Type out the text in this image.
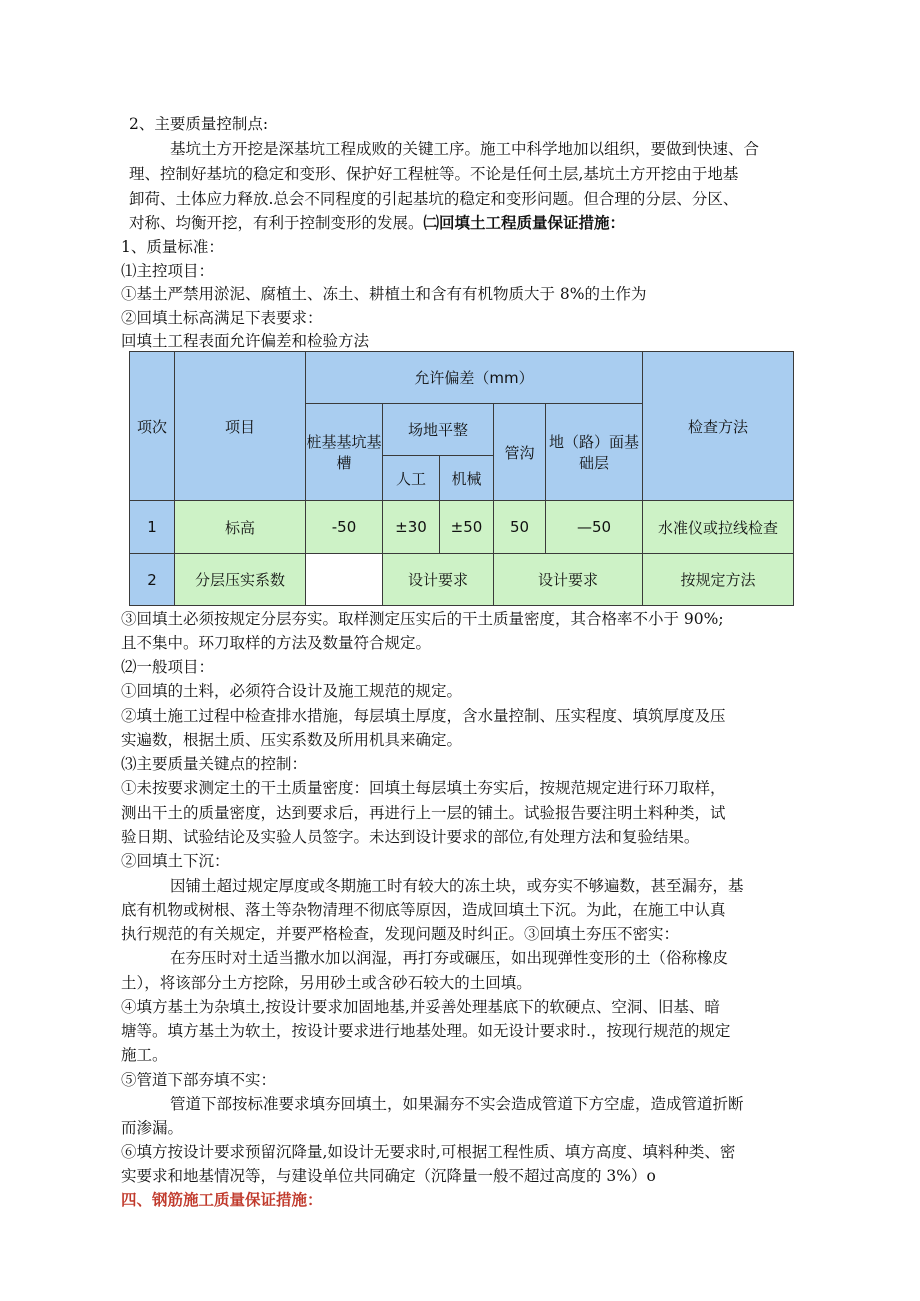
2、主要质量控制点:
基坑土方开挖是深基坑工程成败的关键工序。施工中科学地加以组织，要做到快速、合
理、控制好基坑的稳定和变形、保护好工程桩等。不论是任何土层,基坑土方开挖由于地基
卸荷、土体应力释放.总会不同程度的引起基坑的稳定和变形问题。但合理的分层、分区、
对称、均衡开挖，有利于控制变形的发展。㈡回填土工程质量保证措施：
1、质量标准：
⑴主控项目：
①基土严禁用淤泥、腐植土、冻土、耕植土和含有有机物质大于 8%的土作为
②回填土标高满足下表要求：
回填土工程表面允许偏差和检验方法
项次	项目	允许偏差（mm）					检查方法
		桩基基坑基槽	场地平整		管沟	地（路）面基础层	
			人工	机械			
1	标高	-50	±30	±50	50	—50	水准仪或拉线检查
2	分层压实系数		设计要求		设计要求		按规定方法
③回填土必须按规定分层夯实。取样测定压实后的干土质量密度，其合格率不小于 90%;
且不集中。环刀取样的方法及数量符合规定。
⑵一般项目：
①回填的土料，必须符合设计及施工规范的规定。
②填土施工过程中检查排水措施，每层填土厚度，含水量控制、压实程度、填筑厚度及压
实遍数，根据土质、压实系数及所用机具来确定。
⑶主要质量关键点的控制：
①未按要求测定土的干土质量密度：回填土每层填土夯实后，按规范规定进行环刀取样，
测出干土的质量密度，达到要求后，再进行上一层的铺土。试验报告要注明土料种类，试
验日期、试验结论及实验人员签字。未达到设计要求的部位,有处理方法和复验结果。
②回填土下沉：
因铺土超过规定厚度或冬期施工时有较大的冻土块，或夯实不够遍数，甚至漏夯，基
底有机物或树根、落土等杂物清理不彻底等原因，造成回填土下沉。为此，在施工中认真
执行规范的有关规定，并要严格检查，发现问题及时纠正。③回填土夯压不密实：
在夯压时对土适当撒水加以润湿，再打夯或碾压，如出现弹性变形的土（俗称橡皮
土），将该部分土方挖除，另用砂土或含砂石较大的土回填。
④填方基土为杂填土,按设计要求加固地基,并妥善处理基底下的软硬点、空洞、旧基、暗
塘等。填方基土为软土，按设计要求进行地基处理。如无设计要求时.，按现行规范的规定
施工。
⑤管道下部夯填不实：
管道下部按标准要求填夯回填土，如果漏夯不实会造成管道下方空虚，造成管道折断
而渗漏。
⑥填方按设计要求预留沉降量,如设计无要求时,可根据工程性质、填方高度、填料种类、密
实要求和地基情况等，与建设单位共同确定（沉降量一般不超过高度的 3%）o
四、钢筋施工质量保证措施：
